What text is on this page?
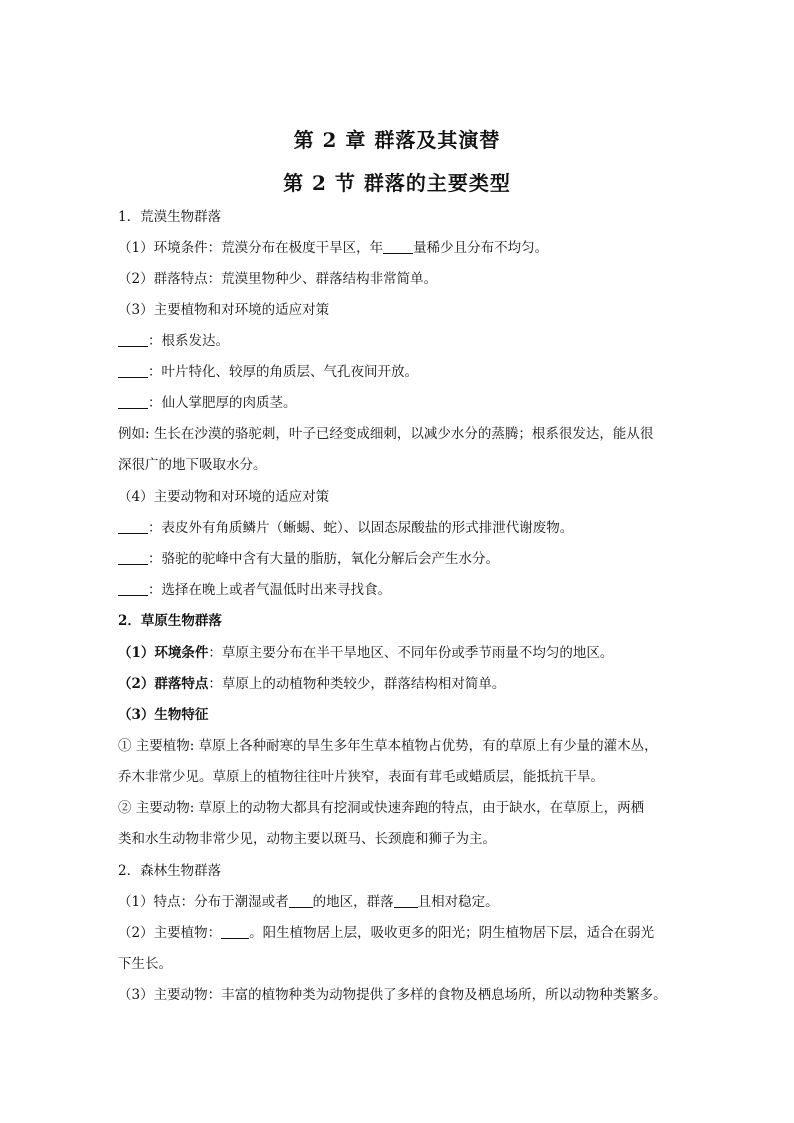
第 2 章 群落及其演替
第 2 节 群落的主要类型
1．荒漠生物群落
（1）环境条件：荒漠分布在极度干旱区，年 量稀少且分布不均匀。
（2）群落特点：荒漠里物种少、群落结构非常简单。
（3）主要植物和对环境的适应对策
：根系发达。
：叶片特化、较厚的角质层、气孔夜间开放。
：仙人掌肥厚的肉质茎。
例如: 生长在沙漠的骆驼刺，叶子已经变成细刺，以减少水分的蒸腾；根系很发达，能从很
深很广的地下吸取水分。
（4）主要动物和对环境的适应对策
：表皮外有角质鳞片（蜥蜴、蛇）、以固态尿酸盐的形式排泄代谢废物。
：骆驼的驼峰中含有大量的脂肪，氧化分解后会产生水分。
：选择在晚上或者气温低时出来寻找食。
2．草原生物群落
（1）环境条件：草原主要分布在半干旱地区、不同年份或季节雨量不均匀的地区。
（2）群落特点：草原上的动植物种类较少，群落结构相对简单。
（3）生物特征
① 主要植物: 草原上各种耐寒的旱生多年生草本植物占优势，有的草原上有少量的灌木丛，
乔木非常少见。草原上的植物往往叶片狭窄，表面有茸毛或蜡质层，能抵抗干旱。
② 主要动物: 草原上的动物大都具有挖洞或快速奔跑的特点，由于缺水，在草原上，两栖
类和水生动物非常少见，动物主要以斑马、长颈鹿和狮子为主。
2．森林生物群落
（1）特点：分布于潮湿或者 的地区，群落 且相对稳定。
（2）主要植物： 。阳生植物居上层，吸收更多的阳光；阴生植物居下层，适合在弱光
下生长。
（3）主要动物：丰富的植物种类为动物提供了多样的食物及栖息场所，所以动物种类繁多。
